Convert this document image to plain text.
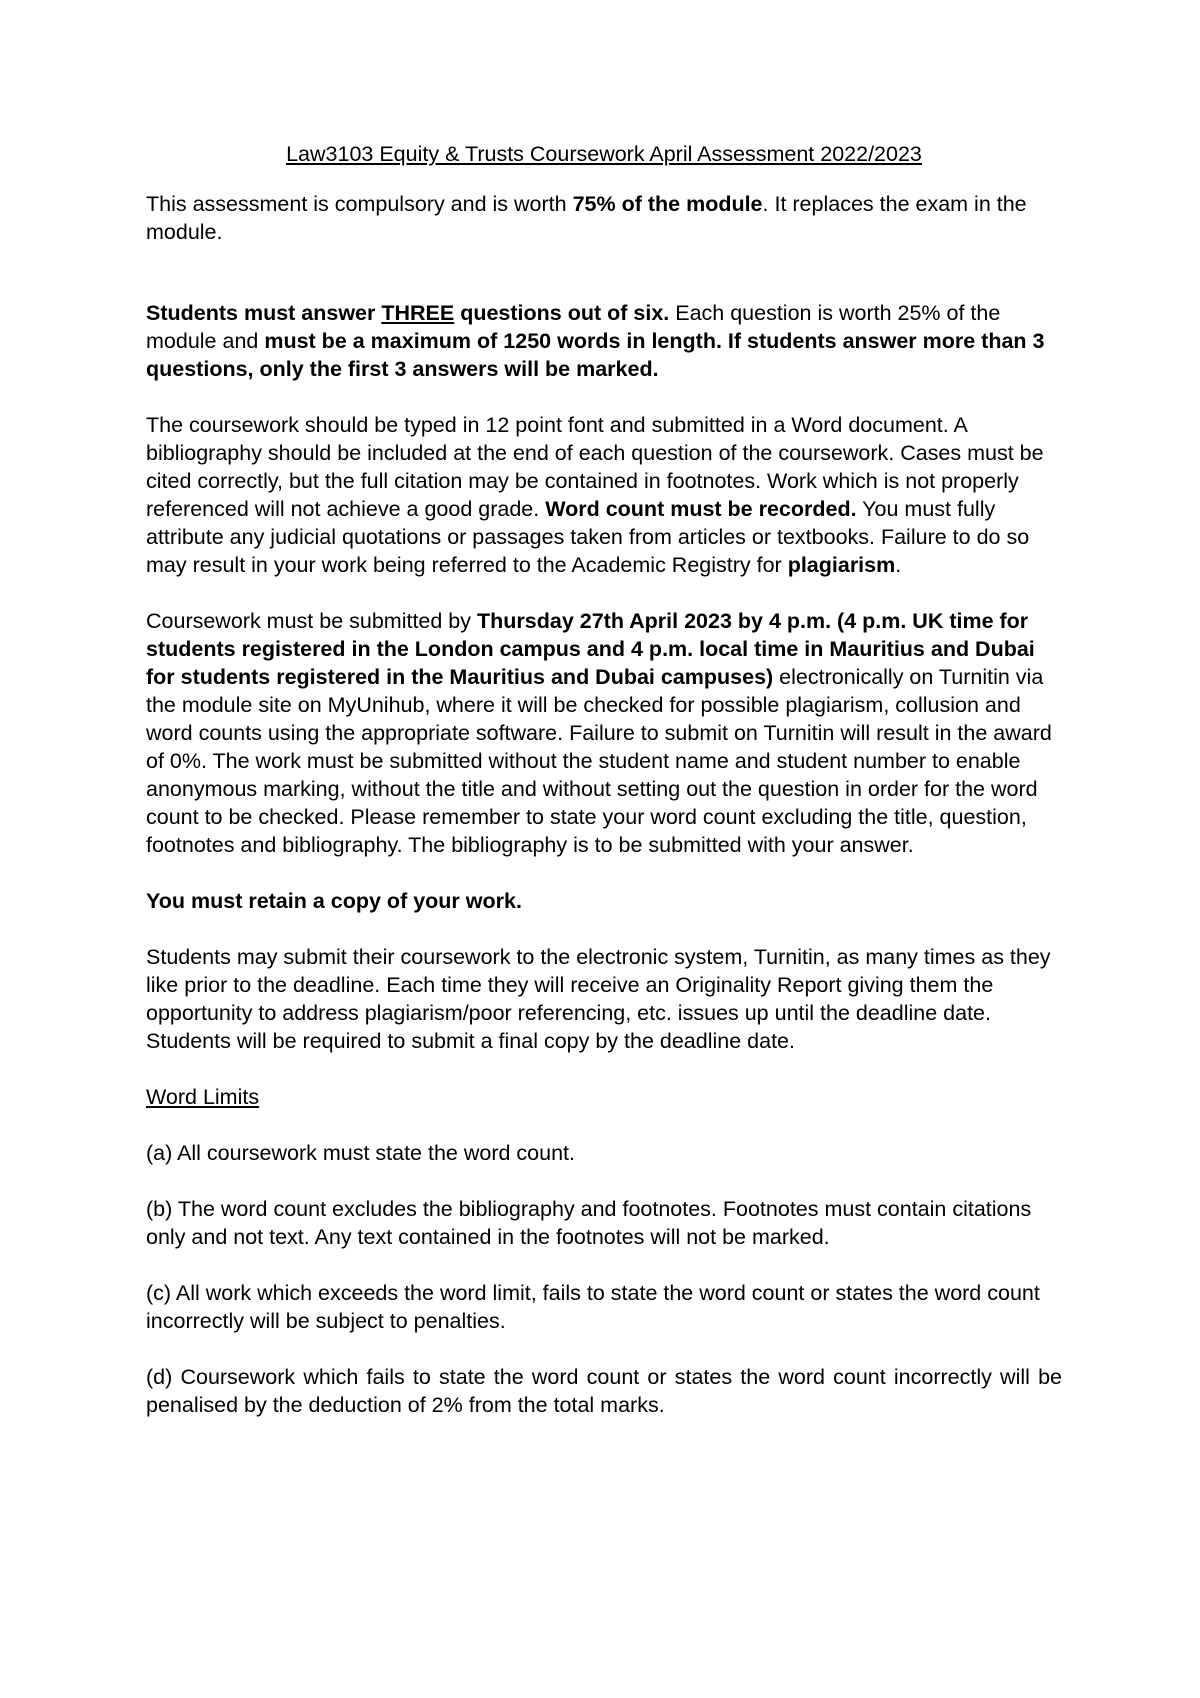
Law3103 Equity & Trusts Coursework April Assessment 2022/2023

This assessment is compulsory and is worth 75% of the module. It replaces the exam in the module.

Students must answer THREE questions out of six. Each question is worth 25% of the module and must be a maximum of 1250 words in length. If students answer more than 3 questions, only the first 3 answers will be marked.

The coursework should be typed in 12 point font and submitted in a Word document. A bibliography should be included at the end of each question of the coursework. Cases must be cited correctly, but the full citation may be contained in footnotes. Work which is not properly referenced will not achieve a good grade. Word count must be recorded. You must fully attribute any judicial quotations or passages taken from articles or textbooks. Failure to do so may result in your work being referred to the Academic Registry for plagiarism.

Coursework must be submitted by Thursday 27th April 2023 by 4 p.m. (4 p.m. UK time for students registered in the London campus and 4 p.m. local time in Mauritius and Dubai for students registered in the Mauritius and Dubai campuses) electronically on Turnitin via the module site on MyUnihub, where it will be checked for possible plagiarism, collusion and word counts using the appropriate software. Failure to submit on Turnitin will result in the award of 0%. The work must be submitted without the student name and student number to enable anonymous marking, without the title and without setting out the question in order for the word count to be checked. Please remember to state your word count excluding the title, question, footnotes and bibliography. The bibliography is to be submitted with your answer.

You must retain a copy of your work.

Students may submit their coursework to the electronic system, Turnitin, as many times as they like prior to the deadline. Each time they will receive an Originality Report giving them the opportunity to address plagiarism/poor referencing, etc. issues up until the deadline date. Students will be required to submit a final copy by the deadline date.

Word Limits

(a) All coursework must state the word count.

(b) The word count excludes the bibliography and footnotes. Footnotes must contain citations only and not text. Any text contained in the footnotes will not be marked.

(c) All work which exceeds the word limit, fails to state the word count or states the word count incorrectly will be subject to penalties.

(d) Coursework which fails to state the word count or states the word count incorrectly will be penalised by the deduction of 2% from the total marks.
